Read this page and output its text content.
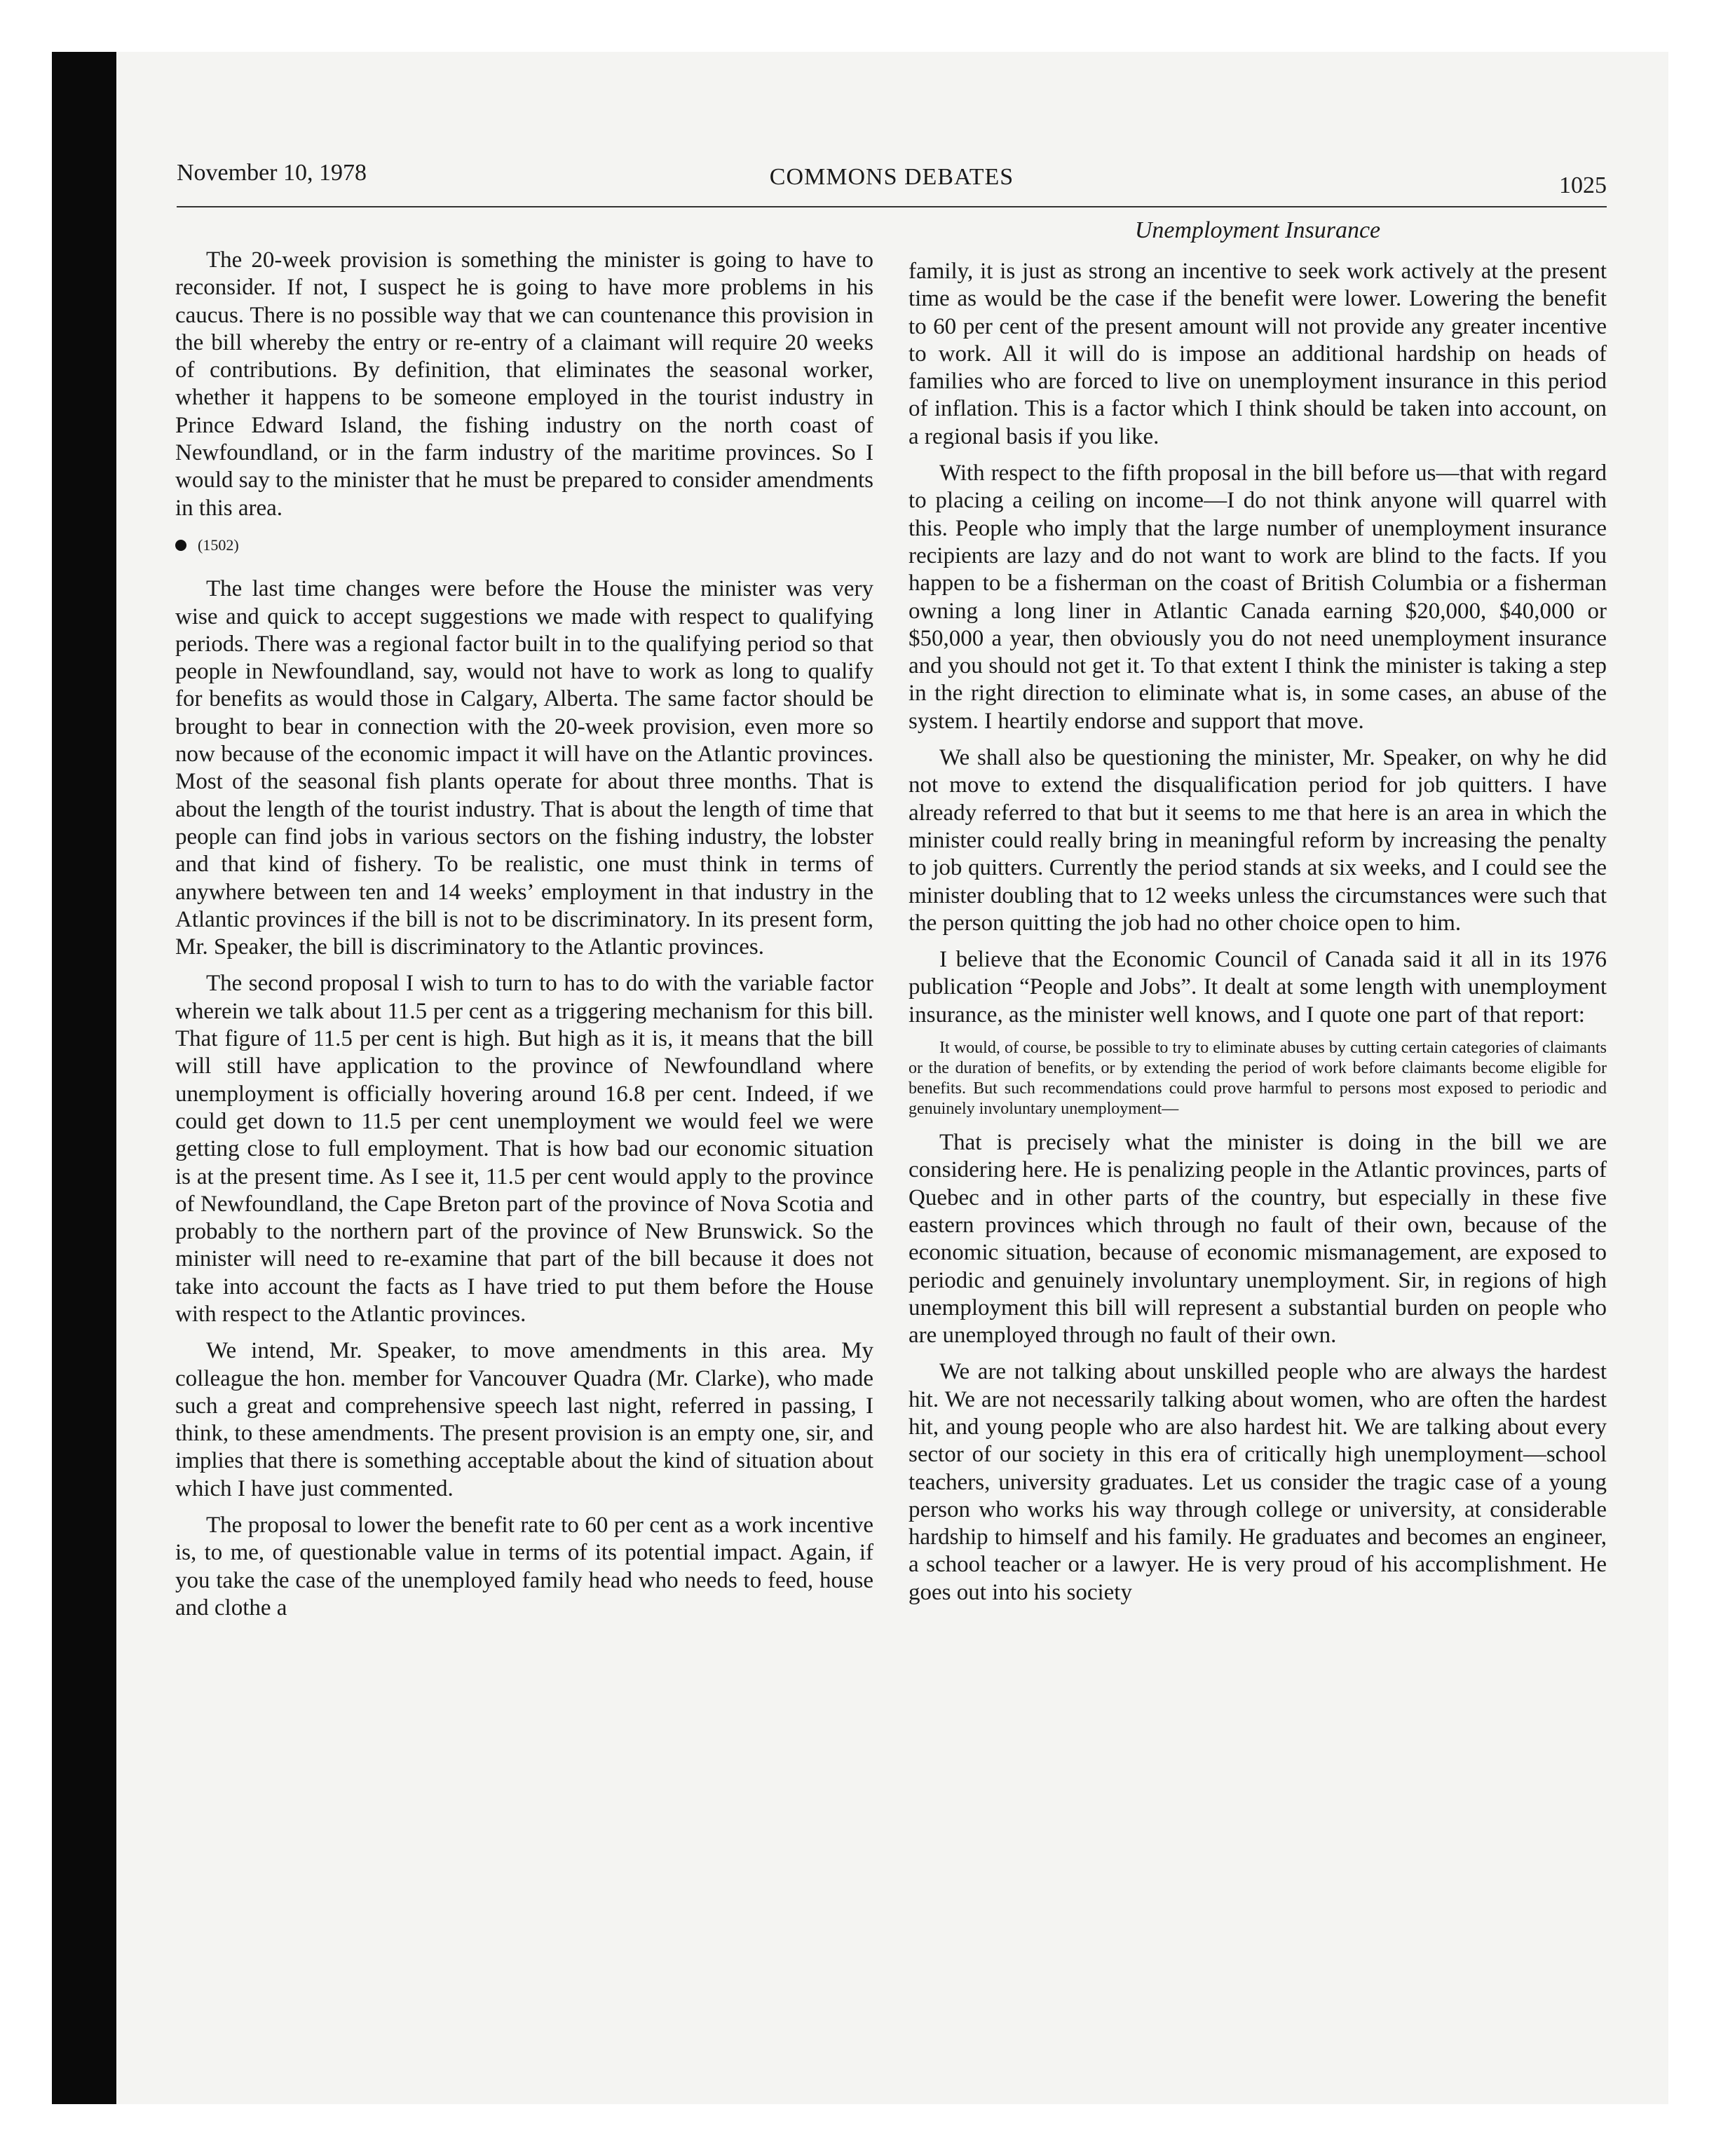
November 10, 1978	COMMONS DEBATES	1025
Unemployment Insurance

The 20-week provision is something the minister is going to have to reconsider. If not, I suspect he is going to have more problems in his caucus. There is no possible way that we can countenance this provision in the bill whereby the entry or re-entry of a claimant will require 20 weeks of contributions. By definition, that eliminates the seasonal worker, whether it happens to be someone employed in the tourist industry in Prince Edward Island, the fishing industry on the north coast of Newfoundland, or in the farm industry of the maritime provinces. So I would say to the minister that he must be prepared to consider amendments in this area.

(1502)

The last time changes were before the House the minister was very wise and quick to accept suggestions we made with respect to qualifying periods. There was a regional factor built in to the qualifying period so that people in Newfoundland, say, would not have to work as long to qualify for benefits as would those in Calgary, Alberta. The same factor should be brought to bear in connection with the 20-week provision, even more so now because of the economic impact it will have on the Atlantic provinces. Most of the seasonal fish plants operate for about three months. That is about the length of the tourist industry. That is about the length of time that people can find jobs in various sectors on the fishing industry, the lobster and that kind of fishery. To be realistic, one must think in terms of anywhere between ten and 14 weeks’ employment in that industry in the Atlantic provinces if the bill is not to be discriminatory. In its present form, Mr. Speaker, the bill is discriminatory to the Atlantic provinces.

The second proposal I wish to turn to has to do with the variable factor wherein we talk about 11.5 per cent as a triggering mechanism for this bill. That figure of 11.5 per cent is high. But high as it is, it means that the bill will still have application to the province of Newfoundland where unemployment is officially hovering around 16.8 per cent. Indeed, if we could get down to 11.5 per cent unemployment we would feel we were getting close to full employment. That is how bad our economic situation is at the present time. As I see it, 11.5 per cent would apply to the province of Newfoundland, the Cape Breton part of the province of Nova Scotia and probably to the northern part of the province of New Brunswick. So the minister will need to re-examine that part of the bill because it does not take into account the facts as I have tried to put them before the House with respect to the Atlantic provinces.

We intend, Mr. Speaker, to move amendments in this area. My colleague the hon. member for Vancouver Quadra (Mr. Clarke), who made such a great and comprehensive speech last night, referred in passing, I think, to these amendments. The present provision is an empty one, sir, and implies that there is something acceptable about the kind of situation about which I have just commented.

The proposal to lower the benefit rate to 60 per cent as a work incentive is, to me, of questionable value in terms of its potential impact. Again, if you take the case of the unemployed family head who needs to feed, house and clothe a

family, it is just as strong an incentive to seek work actively at the present time as would be the case if the benefit were lower. Lowering the benefit to 60 per cent of the present amount will not provide any greater incentive to work. All it will do is impose an additional hardship on heads of families who are forced to live on unemployment insurance in this period of inflation. This is a factor which I think should be taken into account, on a regional basis if you like.

With respect to the fifth proposal in the bill before us—that with regard to placing a ceiling on income—I do not think anyone will quarrel with this. People who imply that the large number of unemployment insurance recipients are lazy and do not want to work are blind to the facts. If you happen to be a fisherman on the coast of British Columbia or a fisherman owning a long liner in Atlantic Canada earning $20,000, $40,000 or $50,000 a year, then obviously you do not need unemployment insurance and you should not get it. To that extent I think the minister is taking a step in the right direction to eliminate what is, in some cases, an abuse of the system. I heartily endorse and support that move.

We shall also be questioning the minister, Mr. Speaker, on why he did not move to extend the disqualification period for job quitters. I have already referred to that but it seems to me that here is an area in which the minister could really bring in meaningful reform by increasing the penalty to job quitters. Currently the period stands at six weeks, and I could see the minister doubling that to 12 weeks unless the circumstances were such that the person quitting the job had no other choice open to him.

I believe that the Economic Council of Canada said it all in its 1976 publication “People and Jobs”. It dealt at some length with unemployment insurance, as the minister well knows, and I quote one part of that report:

It would, of course, be possible to try to eliminate abuses by cutting certain categories of claimants or the duration of benefits, or by extending the period of work before claimants become eligible for benefits. But such recommendations could prove harmful to persons most exposed to periodic and genuinely involuntary unemployment—

That is precisely what the minister is doing in the bill we are considering here. He is penalizing people in the Atlantic provinces, parts of Quebec and in other parts of the country, but especially in these five eastern provinces which through no fault of their own, because of the economic situation, because of economic mismanagement, are exposed to periodic and genuinely involuntary unemployment. Sir, in regions of high unemployment this bill will represent a substantial burden on people who are unemployed through no fault of their own.

We are not talking about unskilled people who are always the hardest hit. We are not necessarily talking about women, who are often the hardest hit, and young people who are also hardest hit. We are talking about every sector of our society in this era of critically high unemployment—school teachers, university graduates. Let us consider the tragic case of a young person who works his way through college or university, at considerable hardship to himself and his family. He graduates and becomes an engineer, a school teacher or a lawyer. He is very proud of his accomplishment. He goes out into his society
